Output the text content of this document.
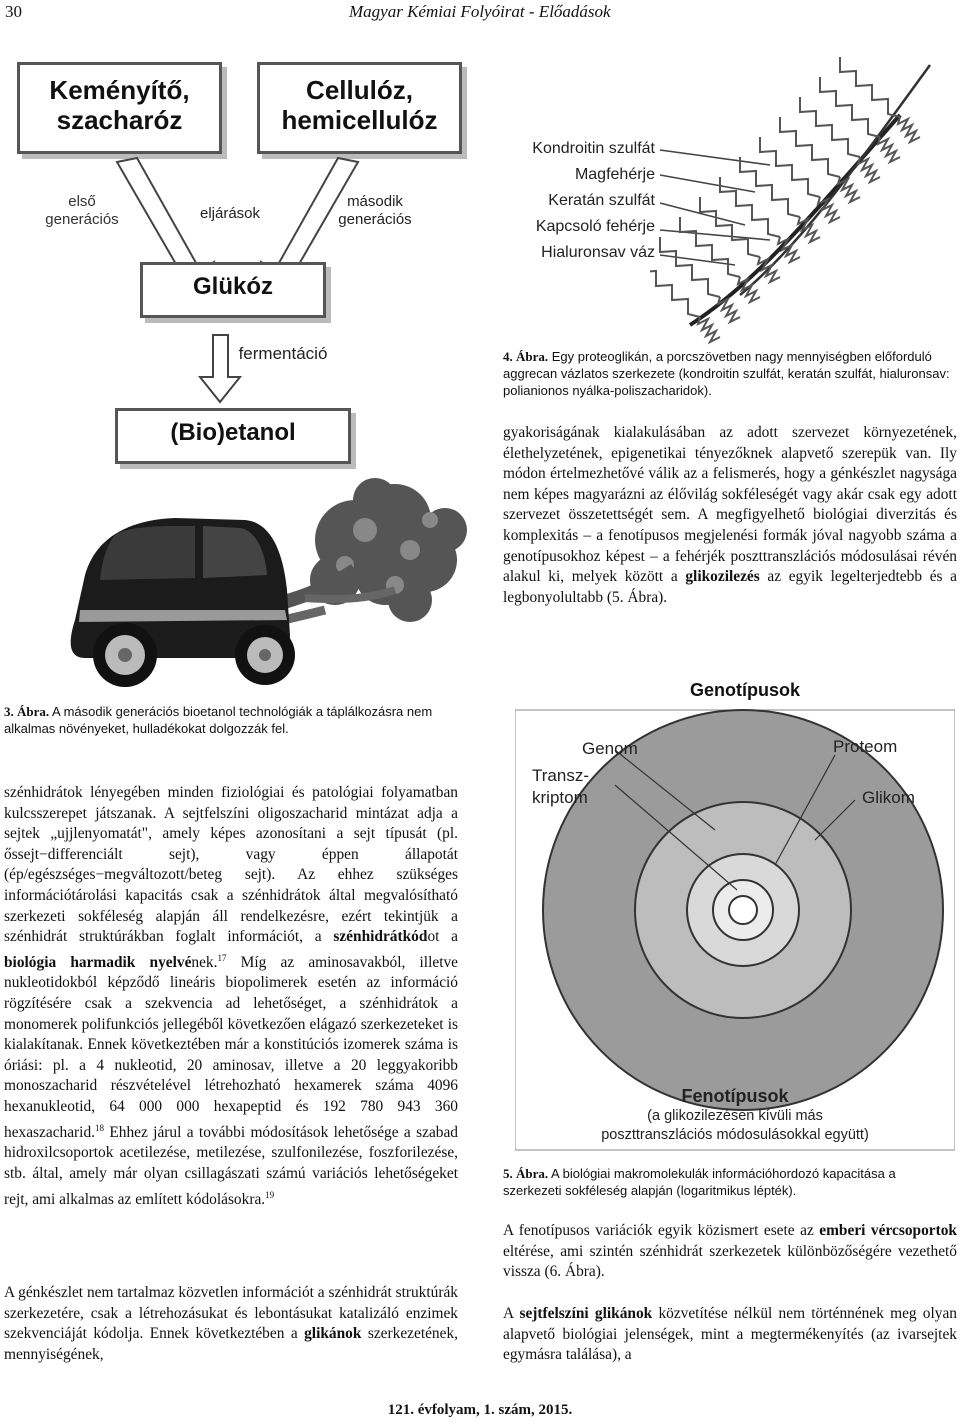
30	Magyar Kémiai Folyóirat - Előadások
Keményítő, szacharóz
Cellulóz, hemicellulóz
első generációs	eljárások
második generációs
Glükóz
fermentáció
(Bio)etanol
3. Ábra. A második generációs bioetanol technológiák a táplálkozásra nem alkalmas növényeket, hulladékokat dolgozzák fel.
Kondroitin szulfát
Magfehérje
Keratán szulfát
Kapcsoló fehérje
Hialuronsav váz
4. Ábra. Egy proteoglikán, a porcszövetben nagy mennyiségben előforduló aggrecan vázlatos szerkezete (kondroitin szulfát, keratán szulfát, hialuronsav: polianionos nyálka-poliszacharidok).

gyakoriságának kialakulásában az adott szervezet környezetének, élethelyzetének, epigenetikai tényezőknek alapvető szerepük van. Ily módon értelmezhetővé válik az a felismerés, hogy a génkészlet nagysága nem képes magyarázni az élővilág sokféleségét vagy akár csak egy adott szervezet összetettségét sem. A megfigyelhető biológiai diverzitás és komplexitás – a fenotípusos megjelenési formák jóval nagyobb száma a genotípusokhoz képest – a fehérjék poszttranszlációs módosulásai révén alakul ki, melyek között a glikozilezés az egyik legelterjedtebb és a legbonyolultabb (5. Ábra).

Genotípusok
Genom	Proteom
Transz- kriptom	Glikom
Fenotípusok
(a glikozilezésen kívüli más
poszttranszlációs módosulásokkal együtt)
5. Ábra. A biológiai makromolekulák információhordozó kapacitása a szerkezeti sokféleség alapján (logaritmikus lépték).

A fenotípusos variációk egyik közismert esete az emberi vércsoportok eltérése, ami szintén szénhidrát szerkezetek különbözőségére vezethető vissza (6. Ábra).

A sejtfelszíni glikánok közvetítése nélkül nem történnének meg olyan alapvető biológiai jelenségek, mint a megtermékenyítés (az ivarsejtek egymásra találása), a

szénhidrátok lényegében minden fiziológiai és patológiai folyamatban kulcsszerepet játszanak. A sejtfelszíni oligoszacharid mintázat adja a sejtek „ujjlenyomatát", amely képes azonosítani a sejt típusát (pl. őssejt−differenciált sejt), vagy éppen állapotát (ép/egészséges−megváltozott/beteg sejt). Az ehhez szükséges információtárolási kapacitás csak a szénhidrátok által megvalósítható szerkezeti sokféleség alapján áll rendelkezésre, ezért tekintjük a szénhidrát struktúrákban foglalt információt, a szénhidrátkódot a biológia harmadik nyelvének.$^{17}$ Míg az aminosavakból, illetve nukleotidokból képződő lineáris biopolimerek esetén az információ rögzítésére csak a szekvencia ad lehetőséget, a szénhidrátok a monomerek polifunkciós jellegéből következően elágazó szerkezeteket is kialakítanak. Ennek következtében már a konstitúciós izomerek száma is óriási: pl. a 4 nukleotid, 20 aminosav, illetve a 20 leggyakoribb monoszacharid részvételével létrehozható hexamerek száma 4096 hexanukleotid, 64 000 000 hexapeptid és 192 780 943 360 hexaszacharid.$^{18}$ Ehhez járul a további módosítások lehetősége a szabad hidroxilcsoportok acetilezése, metilezése, szulfonilezése, foszforilezése, stb. által, amely már olyan csillagászati számú variációs lehetőségeket rejt, ami alkalmas az említett kódolásokra.$^{19}$

A génkészlet nem tartalmaz közvetlen információt a szénhidrát struktúrák szerkezetére, csak a létrehozásukat és lebontásukat katalizáló enzimek szekvenciáját kódolja. Ennek következtében a glikánok szerkezetének, mennyiségének,

121. évfolyam, 1. szám, 2015.
